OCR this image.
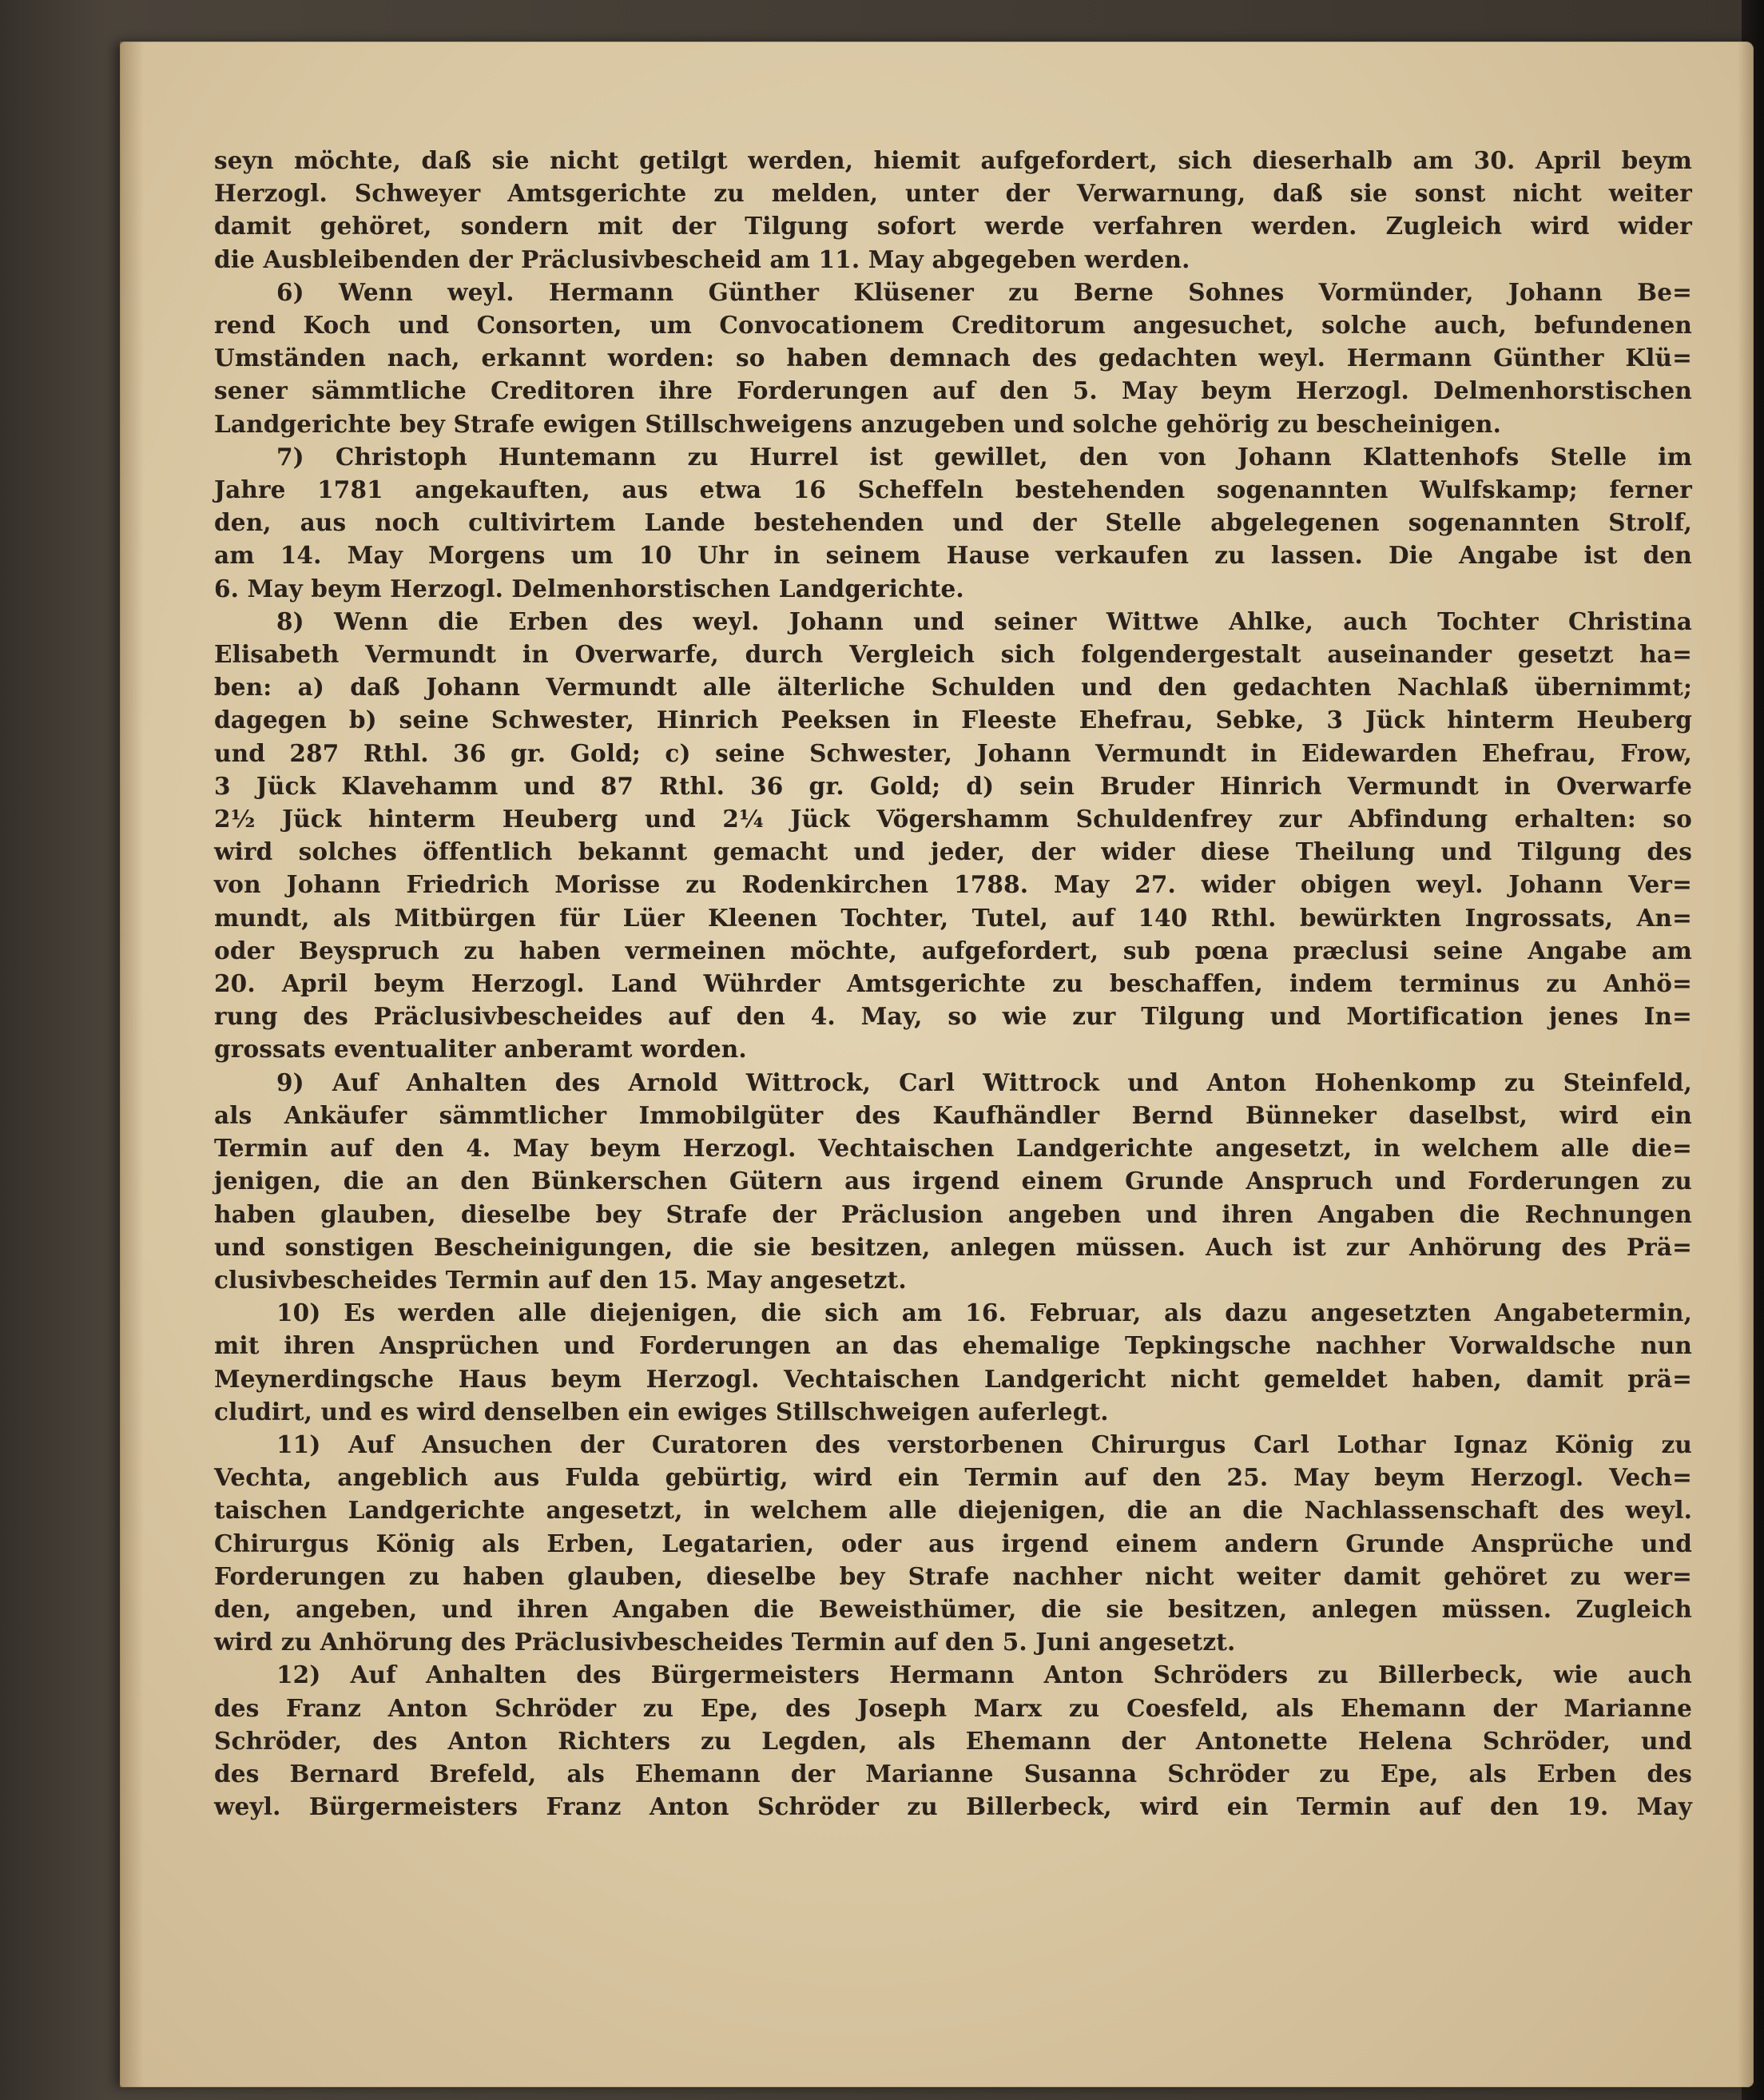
seyn möchte, daß sie nicht getilgt werden, hiemit aufgefordert, sich dieserhalb am 30. April beym
Herzogl. Schweyer Amtsgerichte zu melden, unter der Verwarnung, daß sie sonst nicht weiter
damit gehöret, sondern mit der Tilgung sofort werde verfahren werden. Zugleich wird wider
die Ausbleibenden der Präclusivbescheid am 11. May abgegeben werden.
6) Wenn weyl. Hermann Günther Klüsener zu Berne Sohnes Vormünder, Johann Be=
rend Koch und Consorten, um Convocationem Creditorum angesuchet, solche auch, befundenen
Umständen nach, erkannt worden: so haben demnach des gedachten weyl. Hermann Günther Klü=
sener sämmtliche Creditoren ihre Forderungen auf den 5. May beym Herzogl. Delmenhorstischen
Landgerichte bey Strafe ewigen Stillschweigens anzugeben und solche gehörig zu bescheinigen.
7) Christoph Huntemann zu Hurrel ist gewillet, den von Johann Klattenhofs Stelle im
Jahre 1781 angekauften, aus etwa 16 Scheffeln bestehenden sogenannten Wulfskamp; ferner
den, aus noch cultivirtem Lande bestehenden und der Stelle abgelegenen sogenannten Strolf,
am 14. May Morgens um 10 Uhr in seinem Hause verkaufen zu lassen. Die Angabe ist den
6. May beym Herzogl. Delmenhorstischen Landgerichte.
8) Wenn die Erben des weyl. Johann und seiner Wittwe Ahlke, auch Tochter Christina
Elisabeth Vermundt in Overwarfe, durch Vergleich sich folgendergestalt auseinander gesetzt ha=
ben: a) daß Johann Vermundt alle älterliche Schulden und den gedachten Nachlaß übernimmt;
dagegen b) seine Schwester, Hinrich Peeksen in Fleeste Ehefrau, Sebke, 3 Jück hinterm Heuberg
und 287 Rthl. 36 gr. Gold; c) seine Schwester, Johann Vermundt in Eidewarden Ehefrau, Frow,
3 Jück Klavehamm und 87 Rthl. 36 gr. Gold; d) sein Bruder Hinrich Vermundt in Overwarfe
2½ Jück hinterm Heuberg und 2¼ Jück Vögershamm Schuldenfrey zur Abfindung erhalten: so
wird solches öffentlich bekannt gemacht und jeder, der wider diese Theilung und Tilgung des
von Johann Friedrich Morisse zu Rodenkirchen 1788. May 27. wider obigen weyl. Johann Ver=
mundt, als Mitbürgen für Lüer Kleenen Tochter, Tutel, auf 140 Rthl. bewürkten Ingrossats, An=
oder Beyspruch zu haben vermeinen möchte, aufgefordert, sub pœna præclusi seine Angabe am
20. April beym Herzogl. Land Wührder Amtsgerichte zu beschaffen, indem terminus zu Anhö=
rung des Präclusivbescheides auf den 4. May, so wie zur Tilgung und Mortification jenes In=
grossats eventualiter anberamt worden.
9) Auf Anhalten des Arnold Wittrock, Carl Wittrock und Anton Hohenkomp zu Steinfeld,
als Ankäufer sämmtlicher Immobilgüter des Kaufhändler Bernd Bünneker daselbst, wird ein
Termin auf den 4. May beym Herzogl. Vechtaischen Landgerichte angesetzt, in welchem alle die=
jenigen, die an den Bünkerschen Gütern aus irgend einem Grunde Anspruch und Forderungen zu
haben glauben, dieselbe bey Strafe der Präclusion angeben und ihren Angaben die Rechnungen
und sonstigen Bescheinigungen, die sie besitzen, anlegen müssen. Auch ist zur Anhörung des Prä=
clusivbescheides Termin auf den 15. May angesetzt.
10) Es werden alle diejenigen, die sich am 16. Februar, als dazu angesetzten Angabetermin,
mit ihren Ansprüchen und Forderungen an das ehemalige Tepkingsche nachher Vorwaldsche nun
Meynerdingsche Haus beym Herzogl. Vechtaischen Landgericht nicht gemeldet haben, damit prä=
cludirt, und es wird denselben ein ewiges Stillschweigen auferlegt.
11) Auf Ansuchen der Curatoren des verstorbenen Chirurgus Carl Lothar Ignaz König zu
Vechta, angeblich aus Fulda gebürtig, wird ein Termin auf den 25. May beym Herzogl. Vech=
taischen Landgerichte angesetzt, in welchem alle diejenigen, die an die Nachlassenschaft des weyl.
Chirurgus König als Erben, Legatarien, oder aus irgend einem andern Grunde Ansprüche und
Forderungen zu haben glauben, dieselbe bey Strafe nachher nicht weiter damit gehöret zu wer=
den, angeben, und ihren Angaben die Beweisthümer, die sie besitzen, anlegen müssen. Zugleich
wird zu Anhörung des Präclusivbescheides Termin auf den 5. Juni angesetzt.
12) Auf Anhalten des Bürgermeisters Hermann Anton Schröders zu Billerbeck, wie auch
des Franz Anton Schröder zu Epe, des Joseph Marx zu Coesfeld, als Ehemann der Marianne
Schröder, des Anton Richters zu Legden, als Ehemann der Antonette Helena Schröder, und
des Bernard Brefeld, als Ehemann der Marianne Susanna Schröder zu Epe, als Erben des
weyl. Bürgermeisters Franz Anton Schröder zu Billerbeck, wird ein Termin auf den 19. May
